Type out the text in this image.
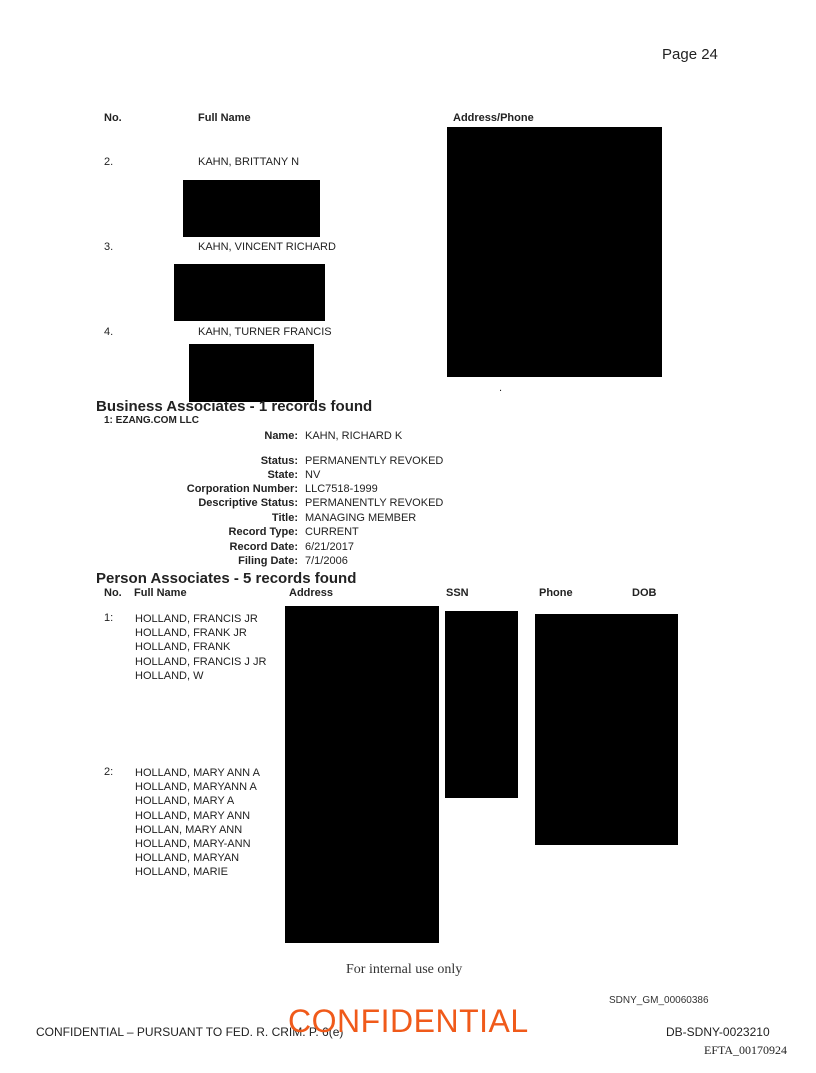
Page 24
No.	Full Name	Address/Phone
2.	KAHN, BRITTANY N
3.	KAHN, VINCENT RICHARD
4.	KAHN, TURNER FRANCIS
.
Business Associates - 1 records found
1: EZANG.COM LLC
Name: KAHN, RICHARD K
Status: PERMANENTLY REVOKED
State: NV
Corporation Number: LLC7518-1999
Descriptive Status: PERMANENTLY REVOKED
Title: MANAGING MEMBER
Record Type: CURRENT
Record Date: 6/21/2017
Filing Date: 7/1/2006
Person Associates - 5 records found
No. Full Name	Address	SSN	Phone	DOB
1: HOLLAND, FRANCIS JR
HOLLAND, FRANK JR
HOLLAND, FRANK
HOLLAND, FRANCIS J JR
HOLLAND, W
2: HOLLAND, MARY ANN A
HOLLAND, MARYANN A
HOLLAND, MARY A
HOLLAND, MARY ANN
HOLLAN, MARY ANN
HOLLAND, MARY-ANN
HOLLAND, MARYAN
HOLLAND, MARIE
For internal use only
SDNY_GM_00060386
CONFIDENTIAL – PURSUANT TO FED. R. CRIM. P. 6(e)
CONFIDENTIAL	DB-SDNY-0023210
EFTA_00170924
